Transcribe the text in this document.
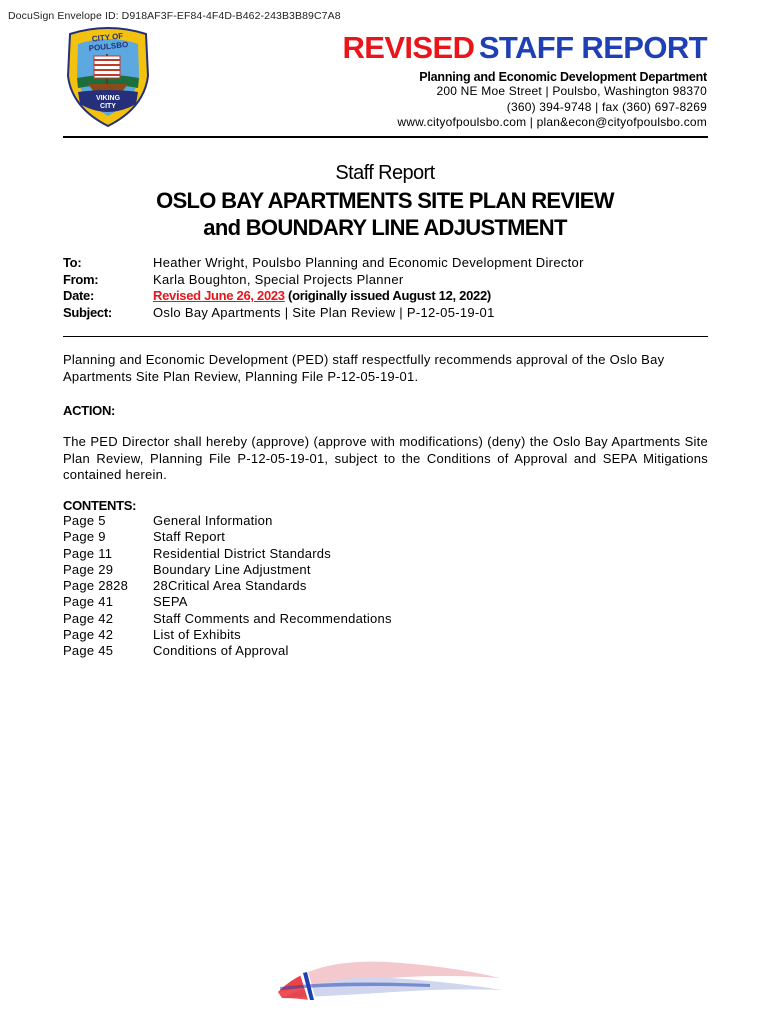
DocuSign Envelope ID: D918AF3F-EF84-4F4D-B462-243B3B89C7A8
CITY OF POULSBO
VIKING
CITY
REVISED STAFF REPORT
Planning and Economic Development Department
200 NE Moe Street | Poulsbo, Washington 98370
(360) 394-9748 | fax (360) 697-8269
www.cityofpoulsbo.com | plan&econ@cityofpoulsbo.com
Staff Report
OSLO BAY APARTMENTS SITE PLAN REVIEW
and BOUNDARY LINE ADJUSTMENT
To:	Heather Wright, Poulsbo Planning and Economic Development Director
From:	Karla Boughton, Special Projects Planner
Date:	Revised June 26, 2023 (originally issued August 12, 2022)
Subject:	Oslo Bay Apartments | Site Plan Review | P-12-05-19-01
Planning and Economic Development (PED) staff respectfully recommends approval of the Oslo Bay Apartments Site Plan Review, Planning File P-12-05-19-01.
ACTION:
The PED Director shall hereby (approve) (approve with modifications) (deny) the Oslo Bay Apartments Site Plan Review, Planning File P-12-05-19-01, subject to the Conditions of Approval and SEPA Mitigations contained herein.
CONTENTS:
Page 5	General Information
Page 9	Staff Report
Page 11	Residential District Standards
Page 29	Boundary Line Adjustment
Page 2828	28Critical Area Standards
Page 41	SEPA
Page 42	Staff Comments and Recommendations
Page 42	List of Exhibits
Page 45	Conditions of Approval
